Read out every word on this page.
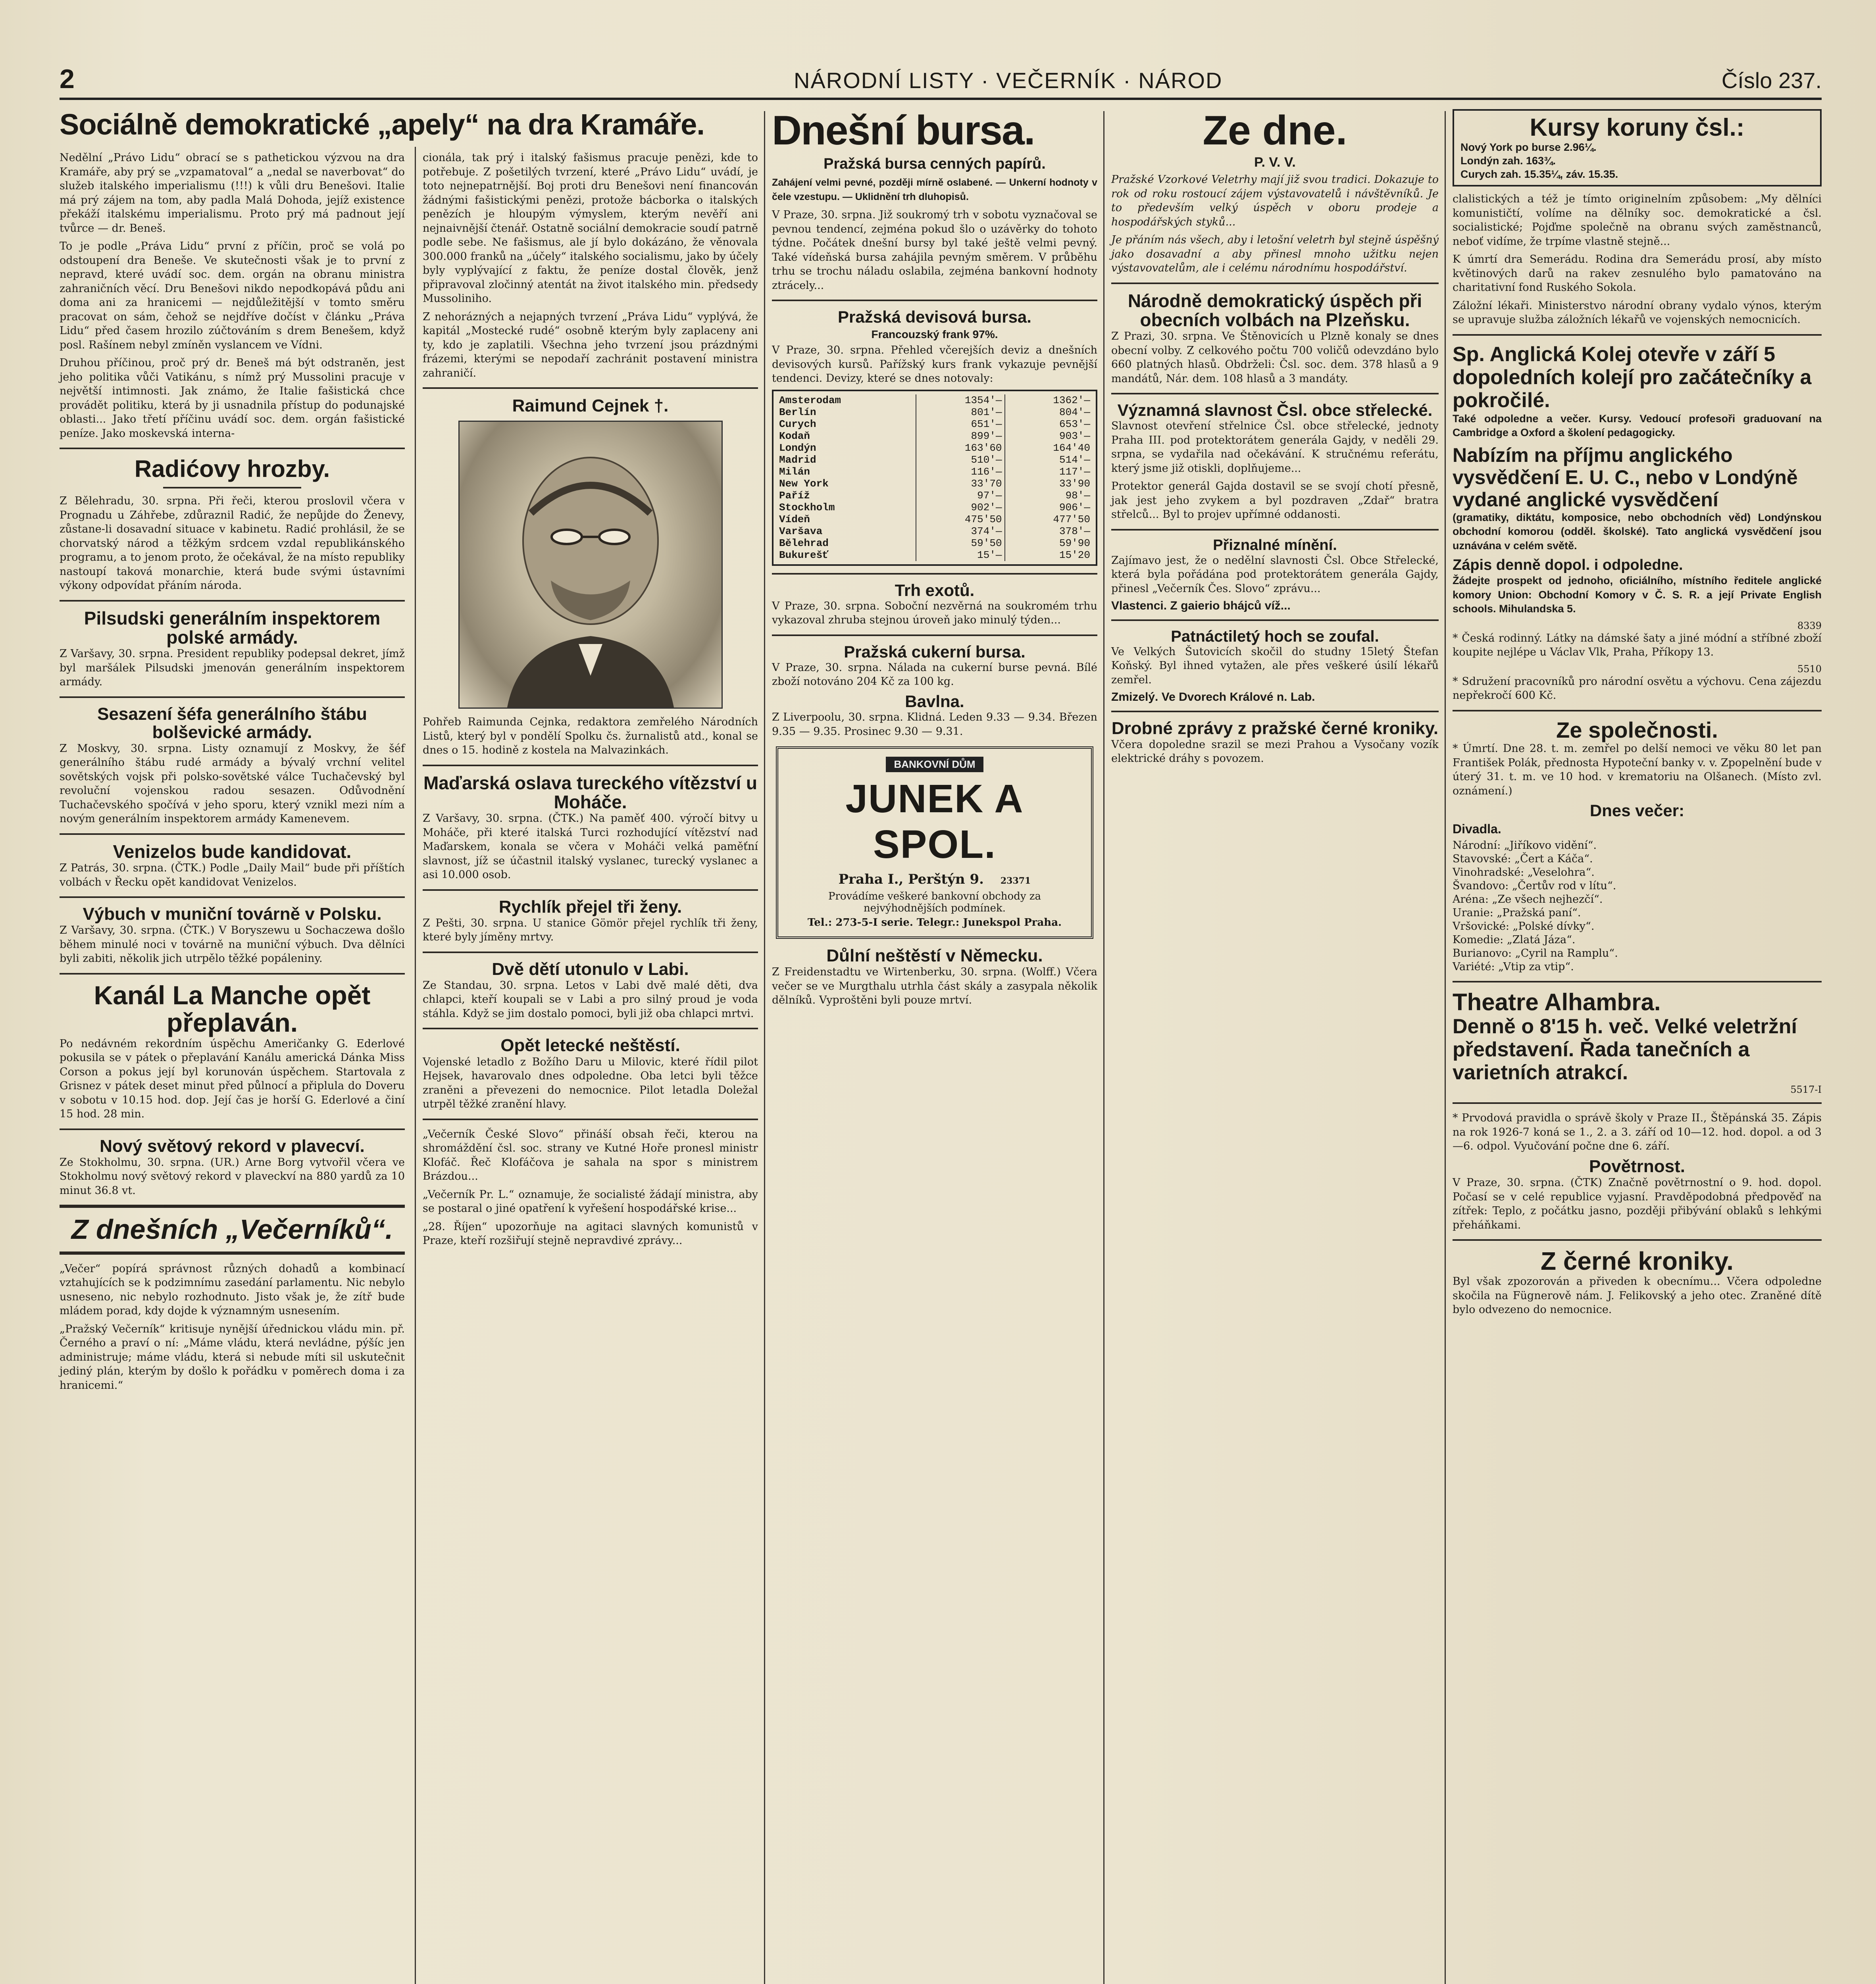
2	NÁRODNÍ LISTY · VEČERNÍK · NÁROD	Číslo 237.
Sociálně demokratické „apely“ na dra Kramáře.

Nedělní „Právo Lidu“ obrací se s pathetickou výzvou na dra Kramáře, aby prý se „vzpamatoval“ a „nedal se naverbovat“ do služeb italského imperialismu (!!!) k vůli dru Benešovi. Italie má prý zájem na tom, aby padla Malá Dohoda, jejíž existence překáží italskému imperialismu. Proto prý má padnout její tvůrce — dr. Beneš.

To je podle „Práva Lidu“ první z příčin, proč se volá po odstoupení dra Beneše. Ve skutečnosti však je to první z nepravd, které uvádí soc. dem. orgán na obranu ministra zahraničních věcí. Dru Benešovi nikdo nepodkopává půdu ani doma ani za hranicemi — nejdůležitější v tomto směru pracovat on sám, čehož se nejdříve dočíst v článku „Práva Lidu“ před časem hrozilo zúčtováním s drem Benešem, když posl. Rašínem nebyl zmíněn vyslancem ve Vídni.

Druhou příčinou, proč prý dr. Beneš má být odstraněn, jest jeho politika vůči Vatikánu, s nímž prý Mussolini pracuje v největší intimnosti. Jak známo, že Italie fašistická chce provádět politiku, která by ji usnadnila přístup do podunajské oblasti... Jako třetí příčinu uvádí soc. dem. orgán fašistické peníze. Jako moskevská interna-

Radićovy hrozby.

Z Bělehradu, 30. srpna. Při řeči, kterou proslovil včera v Prognadu u Záhřebe, zdůraznil Radić, že nepůjde do Ženevy, zůstane-li dosavadní situace v kabinetu. Radić prohlásil, že se chorvatský národ a těžkým srdcem vzdal republikánského programu, a to jenom proto, že očekával, že na místo republiky nastoupí taková monarchie, která bude svými ústavními výkony odpovídat přáním národa.

Pilsudski generálním inspektorem polské armády.

Z Varšavy, 30. srpna. President republiky podepsal dekret, jímž byl maršálek Pilsudski jmenován generálním inspektorem armády.

Sesazení šéfa generálního štábu bolševické armády.

Z Moskvy, 30. srpna. Listy oznamují z Moskvy, že šéf generálního štábu rudé armády a bývalý vrchní velitel sovětských vojsk při polsko-sovětské válce Tuchačevský byl revoluční vojenskou radou sesazen. Odůvodnění Tuchačevského spočívá v jeho sporu, který vznikl mezi ním a novým generálním inspektorem armády Kamenevem.

Venizelos bude kandidovat.

Z Patrás, 30. srpna. (ČTK.) Podle „Daily Mail“ bude při příštích volbách v Řecku opět kandidovat Venizelos.

Výbuch v muniční továrně v Polsku.

Z Varšavy, 30. srpna. (ČTK.) V Boryszewu u Sochaczewa došlo během minulé noci v továrně na muniční výbuch. Dva dělníci byli zabiti, několik jich utrpělo těžké popáleniny.

Kanál La Manche opět přeplaván.

Po nedávném rekordním úspěchu Američanky G. Ederlové pokusila se v pátek o přeplavání Kanálu americká Dánka Miss Corson a pokus její byl korunován úspěchem. Startovala z Grisnez v pátek deset minut před půlnocí a připlula do Doveru v sobotu v 10.15 hod. dop. Její čas je horší G. Ederlové a činí 15 hod. 28 min.

Nový světový rekord v plavecví.

Ze Stokholmu, 30. srpna. (UR.) Arne Borg vytvořil včera ve Stokholmu nový světový rekord v plaveckví na 880 yardů za 10 minut 36.8 vt.

Z dnešních „Večerníků“.

„Večer“ popírá správnost různých dohadů a kombinací vztahujících se k podzimnímu zasedání parlamentu. Nic nebylo usneseno, nic nebylo rozhodnuto. Jisto však je, že zítř bude mládem porad, kdy dojde k významným usnesením.

„Pražský Večerník“ kritisuje nynější úřednickou vládu min. př. Černého a praví o ní: „Máme vládu, která nevládne, pýšíc jen administruje; máme vládu, která si nebude míti sil uskutečnit jediný plán, kterým by došlo k pořádku v poměrech doma i za hranicemi.“

cionála, tak prý i italský fašismus pracuje penězi, kde to potřebuje. Z pošetilých tvrzení, které „Právo Lidu“ uvádí, je toto nejnepatrnější. Boj proti dru Benešovi není financován žádnými fašistickými penězi, protože bácborka o italských penězích je hloupým výmyslem, kterým nevěří ani nejnaivnější čtenář. Ostatně sociální demokracie soudí patrně podle sebe. Ne fašismus, ale jí bylo dokázáno, že věnovala 300.000 franků na „účely“ italského socialismu, jako by účely byly vyplývající z faktu, že peníze dostal člověk, jenž připravoval zločinný atentát na život italského min. předsedy Mussoliniho.

Z nehorázných a nejapných tvrzení „Práva Lidu“ vyplývá, že kapitál „Mostecké rudé“ osobně kterým byly zaplaceny ani ty, kdo je zaplatili. Všechna jeho tvrzení jsou prázdnými frázemi, kterými se nepodaří zachránit postavení ministra zahraničí.

Raimund Cejnek †.

Pohřeb Raimunda Cejnka, redaktora zemřelého Národních Listů, který byl v pondělí Spolku čs. žurnalistů atd., konal se dnes o 15. hodině z kostela na Malvazinkách.

Maďarská oslava tureckého vítězství u Moháče.

Z Varšavy, 30. srpna. (ČTK.) Na paměť 400. výročí bitvy u Moháče, při které italská Turci rozhodující vítězství nad Maďarskem, konala se včera v Moháči velká paměťní slavnost, jíž se účastnil italský vyslanec, turecký vyslanec a asi 10.000 osob.

Rychlík přejel tři ženy.

Z Pešti, 30. srpna. U stanice Gömör přejel rychlík tři ženy, které byly jíměny mrtvy.

Dvě dětí utonulo v Labi.

Ze Standau, 30. srpna. Letos v Labi dvě malé děti, dva chlapci, kteří koupali se v Labi a pro silný proud je voda stáhla. Když se jim dostalo pomoci, byli již oba chlapci mrtvi.

Opět letecké neštěstí.

Vojenské letadlo z Božího Daru u Milovic, které řídil pilot Hejsek, havarovalo dnes odpoledne. Oba letci byli těžce zraněni a převezeni do nemocnice. Pilot letadla Doležal utrpěl těžké zranění hlavy.

„Večerník České Slovo“ přináší obsah řeči, kterou na shromáždění čsl. soc. strany ve Kutné Hoře pronesl ministr Klofáč. Řeč Klofáčova je sahala na spor s ministrem Brázdou...

„Večerník Pr. L.“ oznamuje, že socialisté žádají ministra, aby se postaral o jiné opatření k vyřešení hospodářské krise...

„28. Říjen“ upozorňuje na agitaci slavných komunistů v Praze, kteří rozšiřují stejně nepravdivé zprávy...

Dnešní bursa.
Pražská bursa cenných papírů.

Zahájení velmi pevné, později mírně oslabené. — Unkerní hodnoty v čele vzestupu. — Uklidnění trh dluhopisů.

V Praze, 30. srpna. Již soukromý trh v sobotu vyznačoval se pevnou tendencí, zejména pokud šlo o uzávěrky do tohoto týdne. Počátek dnešní bursy byl také ještě velmi pevný. Také vídeňská bursa zahájila pevným směrem. V průběhu trhu se trochu náladu oslabila, zejména bankovní hodnoty ztrácely...

Pražská devisová bursa.
Francouzský frank 97%.

V Praze, 30. srpna. Přehled včerejších deviz a dnešních devisových kursů. Pařížský kurs frank vykazuje pevnější tendenci. Devizy, které se dnes notovaly:

Amsterodam	1354'—	1362'—
Berlín	801'—	804'—
Curych	651'—	653'—
Kodaň	899'—	903'—
Londýn	163'60	164'40
Madrid	510'—	514'—
Milán	116'—	117'—
New York	33'70	33'90
Paříž	97'—	98'—
Stockholm	902'—	906'—
Vídeň	475'50	477'50
Varšava	374'—	378'—
Bělehrad	59'50	59'90
Bukurešť	15'—	15'20
Trh exotů.

V Praze, 30. srpna. Soboční nezvěrná na soukromém trhu vykazoval zhruba stejnou úroveň jako minulý týden...

Pražská cukerní bursa.

V Praze, 30. srpna. Nálada na cukerní burse pevná. Bílé zboží notováno 204 Kč za 100 kg.

Bavlna.

Z Liverpoolu, 30. srpna. Klidná. Leden 9.33 — 9.34. Březen 9.35 — 9.35. Prosinec 9.30 — 9.31.

BANKOVNÍ DŮM
JUNEK A SPOL.
Praha I., Perštýn 9. 23371
Provádíme veškeré bankovní obchody za nejvýhodnějších podmínek.
Tel.: 273-5-I serie. Telegr.: Junekspol Praha.
Důlní neštěstí v Německu.

Z Freidenstadtu ve Wirtenberku, 30. srpna. (Wolff.) Včera večer se ve Murgthalu utrhla část skály a zasypala několik dělníků. Vyproštěni byli pouze mrtví.

Ze dne.
P. V. V.

Pražské Vzorkové Veletrhy mají již svou tradici. Dokazuje to rok od roku rostoucí zájem výstavovatelů i návštěvníků. Je to především velký úspěch v oboru prodeje a hospodářských styků...

Je přáním nás všech, aby i letošní veletrh byl stejně úspěšný jako dosavadní a aby přinesl mnoho užitku nejen výstavovatelům, ale i celému národnímu hospodářství.

Národně demokratický úspěch při obecních volbách na Plzeňsku.

Z Prazi, 30. srpna. Ve Štěnovicích u Plzně konaly se dnes obecní volby. Z celkového počtu 700 voličů odevzdáno bylo 660 platných hlasů. Obdrželi: Čsl. soc. dem. 378 hlasů a 9 mandátů, Nár. dem. 108 hlasů a 3 mandáty.

Významná slavnost Čsl. obce střelecké.

Slavnost otevření střelnice Čsl. obce střelecké, jednoty Praha III. pod protektorátem generála Gajdy, v neděli 29. srpna, se vydařila nad očekávání. K stručnému referátu, který jsme již otiskli, doplňujeme...

Protektor generál Gajda dostavil se se svojí chotí přesně, jak jest jeho zvykem a byl pozdraven „Zdař“ bratra střelců... Byl to projev upřímné oddanosti.

Přiznalné mínění.

Zajímavo jest, že o nedělní slavnosti Čsl. Obce Střelecké, která byla pořádána pod protektorátem generála Gajdy, přinesl „Večerník Čes. Slovo“ zprávu...

Vlastenci. Z gaierio bhájců víž...
Patnáctiletý hoch se zoufal.

Ve Velkých Šutovicích skočil do studny 15letý Štefan Koňský. Byl ihned vytažen, ale přes veškeré úsilí lékařů zemřel.

Zmizelý. Ve Dvorech Králové n. Lab.
Drobné zprávy z pražské černé kroniky.

Včera dopoledne srazil se mezi Prahou a Vysočany vozík elektrické dráhy s povozem.

Kursy koruny čsl.:
Nový York po burse 2.96¼.
Londýn zah. 163¾.
Curych zah. 15.35¼, záv. 15.35.

clalistických a též je tímto originelním způsobem: „My dělníci komunističtí, volíme na dělníky soc. demokratické a čsl. socialistické; Pojďme společně na obranu svých zaměstnanců, neboť vidíme, že trpíme vlastně stejně...

K úmrtí dra Semerádu. Rodina dra Semerádu prosí, aby místo květinových darů na rakev zesnulého bylo pamatováno na charitativní fond Ruského Sokola.

Záložní lékaři. Ministerstvo národní obrany vydalo výnos, kterým se upravuje služba záložních lékařů ve vojenských nemocnicích.

Sp. Anglická Kolej otevře v září 5 dopoledních kolejí pro začátečníky a pokročilé.

Také odpoledne a večer. Kursy. Vedoucí profesoři graduovaní na Cambridge a Oxford a školení pedagogicky.

Nabízím na příjmu anglického vysvědčení E. U. C., nebo v Londýně vydané anglické vysvědčení

(gramatiky, diktátu, komposice, nebo obchodních věd) Londýnskou obchodní komorou (odděl. školské). Tato anglická vysvědčení jsou uznávána v celém světě.

Zápis denně dopol. i odpoledne.

Žádejte prospekt od jednoho, oficiálního, místního ředitele anglické komory Union: Obchodní Komory v Č. S. R. a její Private English schools. Mihulandska 5.

8339

* Česká rodinný. Látky na dámské šaty a jiné módní a stříbné zboží koupite nejlépe u Václav Vlk, Praha, Příkopy 13.

5510

* Sdružení pracovníků pro národní osvětu a výchovu. Cena zájezdu nepřekročí 600 Kč.

Ze společnosti.

* Úmrtí. Dne 28. t. m. zemřel po delší nemoci ve věku 80 let pan František Polák, přednosta Hypoteční banky v. v. Zpopelnění bude v úterý 31. t. m. ve 10 hod. v krematoriu na Olšanech. (Místo zvl. oznámení.)

Dnes večer:
Divadla.
Národní: „Jiříkovo vidění“.
Stavovské: „Čert a Káča“.
Vinohradské: „Veselohra“.
Švandovo: „Čertův rod v lítu“.
Aréna: „Ze všech nejhezčí“.
Uranie: „Pražská paní“.
Vršovické: „Polské dívky“.
Komedie: „Zlatá Jáza“.
Burianovo: „Cyril na Ramplu“.
Variété: „Vtip za vtip“.
Theatre Alhambra.
Denně o 8'15 h. več. Velké veletržní představení. Řada tanečních a varietních atrakcí.
5517-I

* Prvodová pravidla o správě školy v Praze II., Štěpánská 35. Zápis na rok 1926-7 koná se 1., 2. a 3. září od 10—12. hod. dopol. a od 3—6. odpol. Vyučování počne dne 6. září.

Povětrnost.

V Praze, 30. srpna. (ČTK) Značně povětrnostní o 9. hod. dopol. Počasí se v celé republice vyjasní. Pravděpodobná předpověď na zítřek: Teplo, z počátku jasno, později přibývání oblaků s lehkými přeháňkami.

Z černé kroniky.

Byl však zpozorován a přiveden k obecnímu... Včera odpoledne skočila na Fügnerově nám. J. Felikovský a jeho otec. Zraněné dítě bylo odvezeno do nemocnice.
